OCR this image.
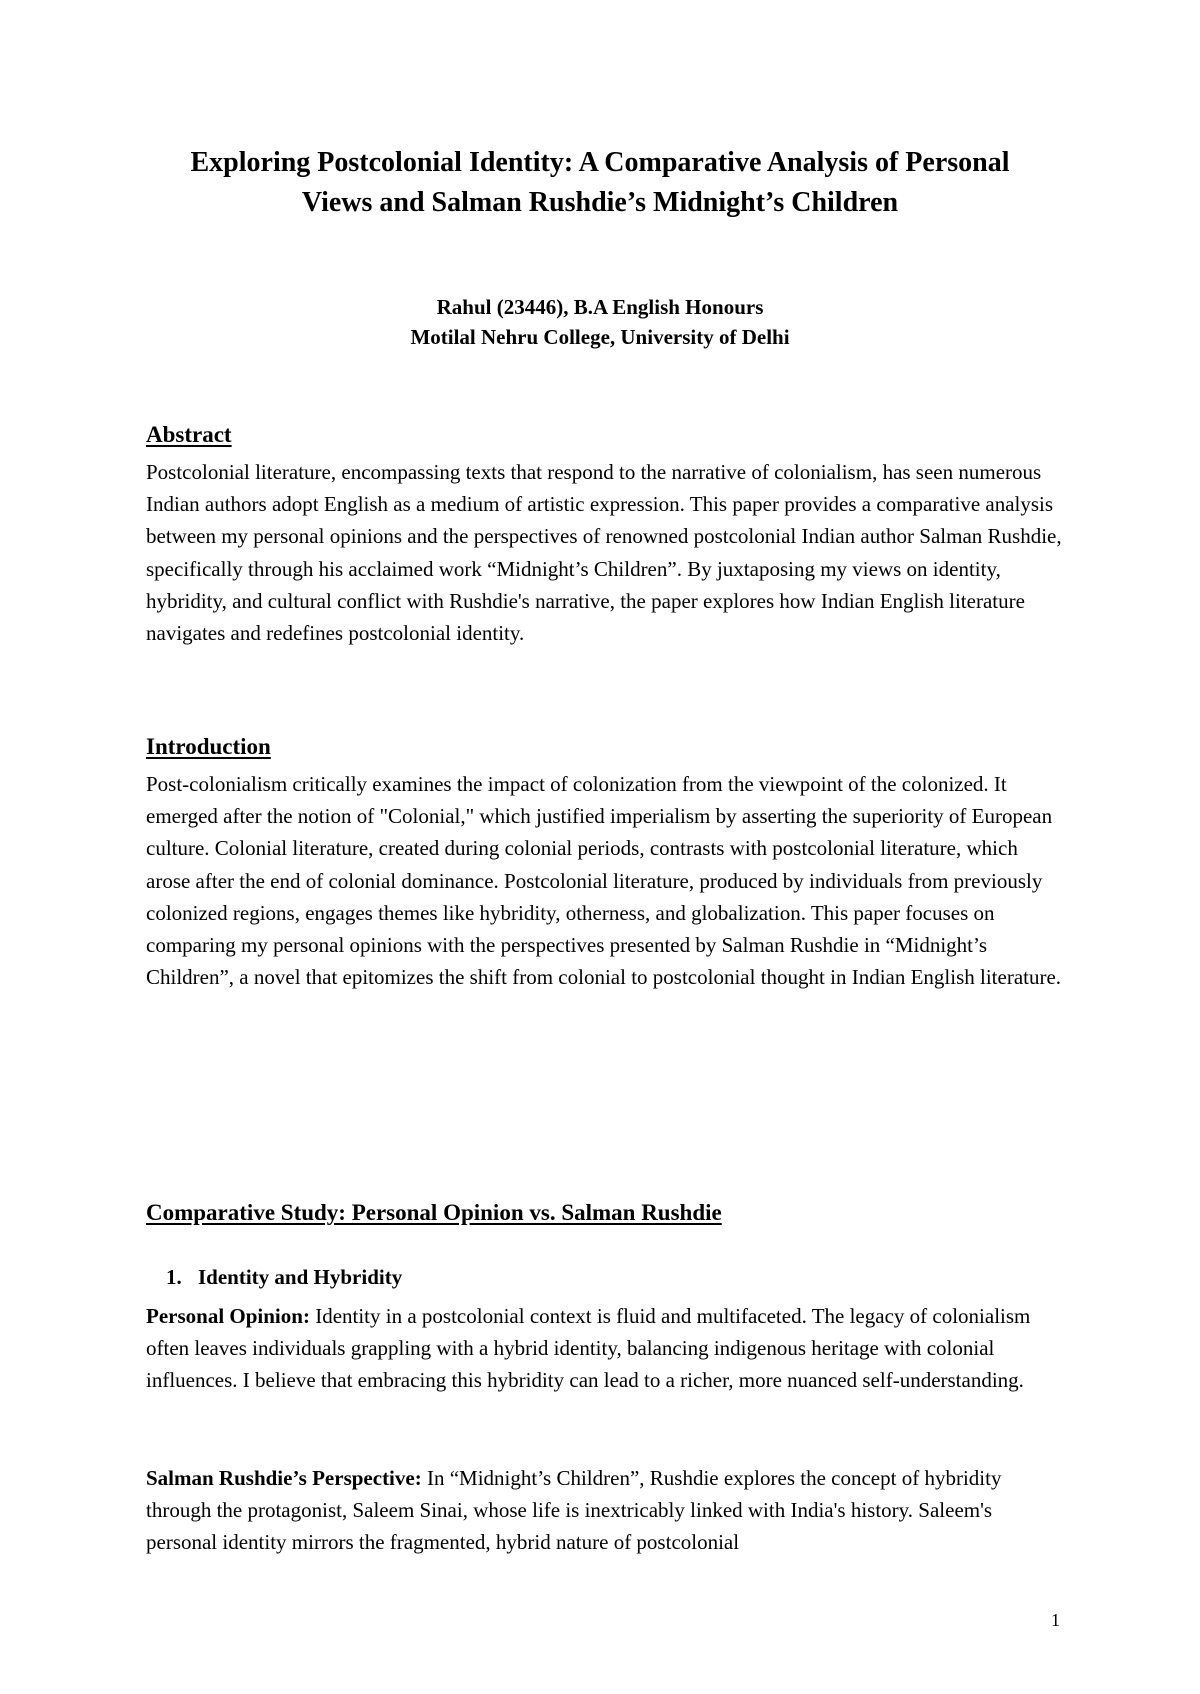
Exploring Postcolonial Identity: A Comparative Analysis of Personal
Views and Salman Rushdie’s Midnight’s Children
Rahul (23446), B.A English Honours
Motilal Nehru College, University of Delhi
Abstract

Postcolonial literature, encompassing texts that respond to the narrative of colonialism, has seen numerous Indian authors adopt English as a medium of artistic expression. This paper provides a comparative analysis between my personal opinions and the perspectives of renowned postcolonial Indian author Salman Rushdie, specifically through his acclaimed work “Midnight’s Children”. By juxtaposing my views on identity, hybridity, and cultural conflict with Rushdie's narrative, the paper explores how Indian English literature navigates and redefines postcolonial identity.

Introduction

Post-colonialism critically examines the impact of colonization from the viewpoint of the colonized. It emerged after the notion of "Colonial," which justified imperialism by asserting the superiority of European culture. Colonial literature, created during colonial periods, contrasts with postcolonial literature, which arose after the end of colonial dominance. Postcolonial literature, produced by individuals from previously colonized regions, engages themes like hybridity, otherness, and globalization. This paper focuses on comparing my personal opinions with the perspectives presented by Salman Rushdie in “Midnight’s Children”, a novel that epitomizes the shift from colonial to postcolonial thought in Indian English literature.

Comparative Study: Personal Opinion vs. Salman Rushdie
1. Identity and Hybridity

Personal Opinion: Identity in a postcolonial context is fluid and multifaceted. The legacy of colonialism often leaves individuals grappling with a hybrid identity, balancing indigenous heritage with colonial influences. I believe that embracing this hybridity can lead to a richer, more nuanced self-understanding.

Salman Rushdie’s Perspective: In “Midnight’s Children”, Rushdie explores the concept of hybridity through the protagonist, Saleem Sinai, whose life is inextricably linked with India's history. Saleem's personal identity mirrors the fragmented, hybrid nature of postcolonial

1
